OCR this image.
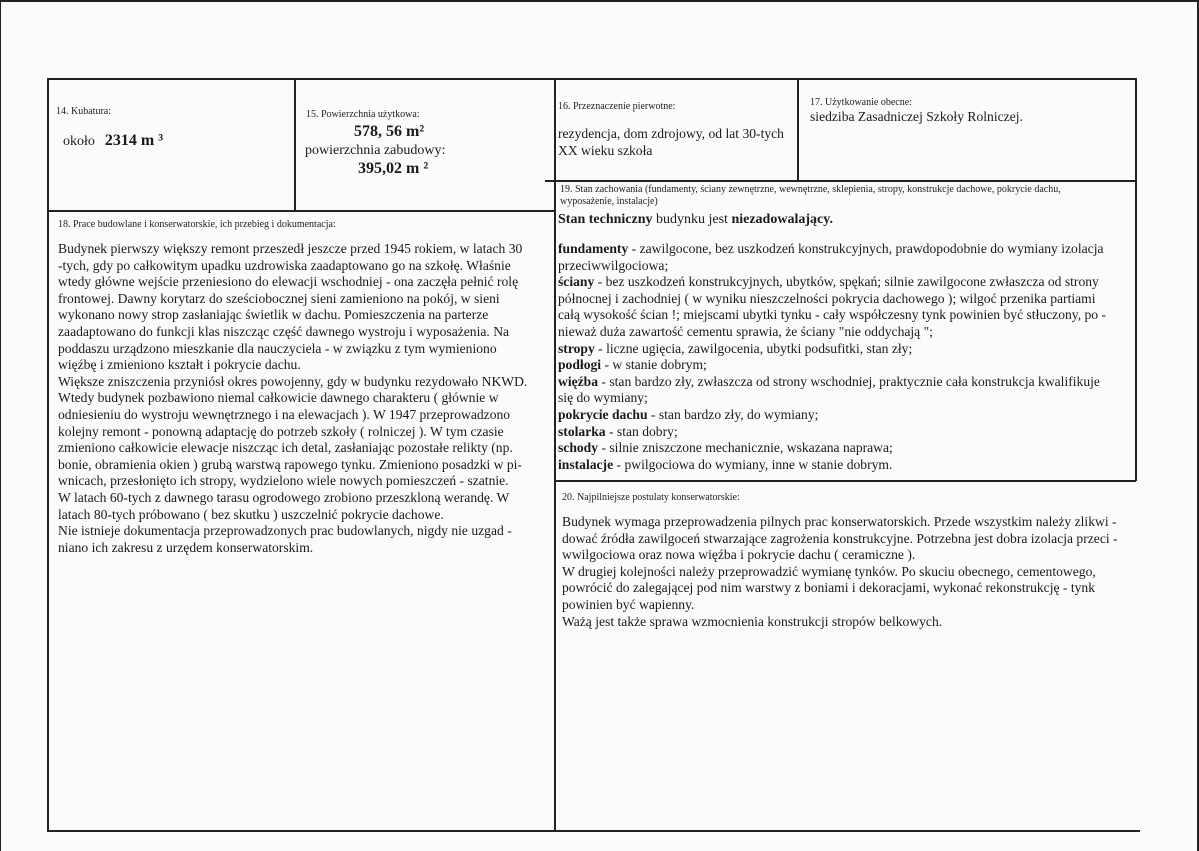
14. Kubatura:
około 2314 m ³
15. Powierzchnia użytkowa:
578, 56 m²
powierzchnia zabudowy:
395,02 m ²
16. Przeznaczenie pierwotne:
rezydencja, dom zdrojowy, od lat 30-tych
XX wieku szkoła
17. Użytkowanie obecne:
siedziba Zasadniczej Szkoły Rolniczej.
18. Prace budowlane i konserwatorskie, ich przebieg i dokumentacja:

Budynek pierwszy większy remont przeszedł jeszcze przed 1945 rokiem, w latach 30

-tych, gdy po całkowitym upadku uzdrowiska zaadaptowano go na szkołę. Właśnie

wtedy główne wejście przeniesiono do elewacji wschodniej - ona zaczęła pełnić rolę

frontowej. Dawny korytarz do sześciobocznej sieni zamieniono na pokój, w sieni

wykonano nowy strop zasłaniając świetlik w dachu. Pomieszczenia na parterze

zaadaptowano do funkcji klas niszcząc część dawnego wystroju i wyposażenia. Na

poddaszu urządzono mieszkanie dla nauczyciela - w związku z tym wymieniono

więźbę i zmieniono kształt i pokrycie dachu.

Większe zniszczenia przyniósł okres powojenny, gdy w budynku rezydowało NKWD.

Wtedy budynek pozbawiono niemal całkowicie dawnego charakteru ( głównie w

odniesieniu do wystroju wewnętrznego i na elewacjach ). W 1947 przeprowadzono

kolejny remont - ponowną adaptację do potrzeb szkoły ( rolniczej ). W tym czasie

zmieniono całkowicie elewacje niszcząc ich detal, zasłaniając pozostałe relikty (np.

bonie, obramienia okien ) grubą warstwą rapowego tynku. Zmieniono posadzki w pi-

wnicach, przesłonięto ich stropy, wydzielono wiele nowych pomieszczeń - szatnie.

W latach 60-tych z dawnego tarasu ogrodowego zrobiono przeszkloną werandę. W

latach 80-tych próbowano ( bez skutku ) uszczelnić pokrycie dachowe.

Nie istnieje dokumentacja przeprowadzonych prac budowlanych, nigdy nie uzgad -

niano ich zakresu z urzędem konserwatorskim.

19. Stan zachowania (fundamenty, ściany zewnętrzne, wewnętrzne, sklepienia, stropy, konstrukcje dachowe, pokrycie dachu,
wyposażenie, instalacje)
Stan techniczny budynku jest niezadowalający.
fundamenty - zawilgocone, bez uszkodzeń konstrukcyjnych, prawdopodobnie do wymiany izolacja
przeciwwilgociowa;
ściany - bez uszkodzeń konstrukcyjnych, ubytków, spękań; silnie zawilgocone zwłaszcza od strony
północnej i zachodniej ( w wyniku nieszczelności pokrycia dachowego ); wilgoć przenika partiami
całą wysokość ścian !; miejscami ubytki tynku - cały współczesny tynk powinien być stłuczony, po -
nieważ duża zawartość cementu sprawia, że ściany "nie oddychają ";
stropy - liczne ugięcia, zawilgocenia, ubytki podsufitki, stan zły;
podłogi - w stanie dobrym;
więźba - stan bardzo zły, zwłaszcza od strony wschodniej, praktycznie cała konstrukcja kwalifikuje
się do wymiany;
pokrycie dachu - stan bardzo zły, do wymiany;
stolarka - stan dobry;
schody - silnie zniszczone mechanicznie, wskazana naprawa;
instalacje - pwilgociowa do wymiany, inne w stanie dobrym.
20. Najpilniejsze postulaty konserwatorskie:

Budynek wymaga przeprowadzenia pilnych prac konserwatorskich. Przede wszystkim należy zlikwi -

dować źródła zawilgoceń stwarzające zagrożenia konstrukcyjne. Potrzebna jest dobra izolacja przeci -

wwilgociowa oraz nowa więźba i pokrycie dachu ( ceramiczne ).

W drugiej kolejności należy przeprowadzić wymianę tynków. Po skuciu obecnego, cementowego,

powrócić do zalegającej pod nim warstwy z boniami i dekoracjami, wykonać rekonstrukcję - tynk

powinien być wapienny.

Ważą jest także sprawa wzmocnienia konstrukcji stropów belkowych.
